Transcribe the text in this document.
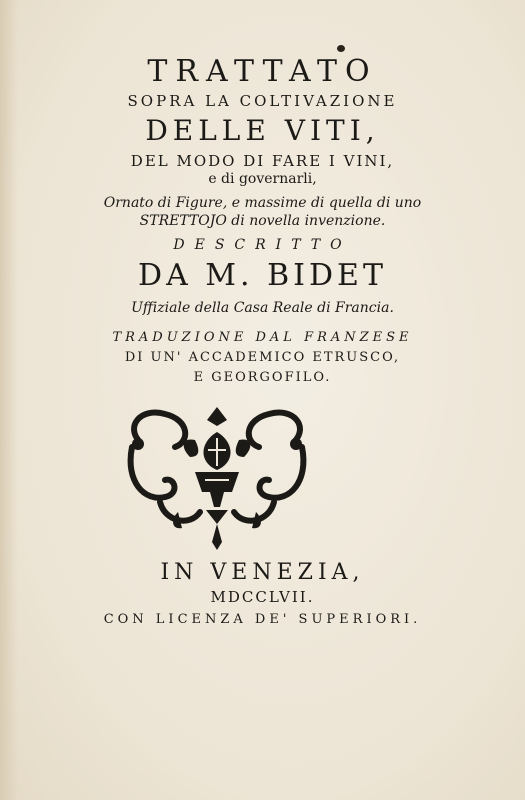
TRATTATO
SOPRA LA COLTIVAZIONE
DELLE VITI,
DEL MODO DI FARE I VINI,
e di governarli,
Ornato di Figure, e massime di quella di uno
STRETTOJO di novella invenzione.
DESCRITTO
DA M. BIDET
Uffiziale della Casa Reale di Francia.
TRADUZIONE DAL FRANZESE
DI UN' ACCADEMICO ETRUSCO,
E GEORGOFILO.
IN VENEZIA,
MDCCLVII.
CON LICENZA DE' SUPERIORI.
